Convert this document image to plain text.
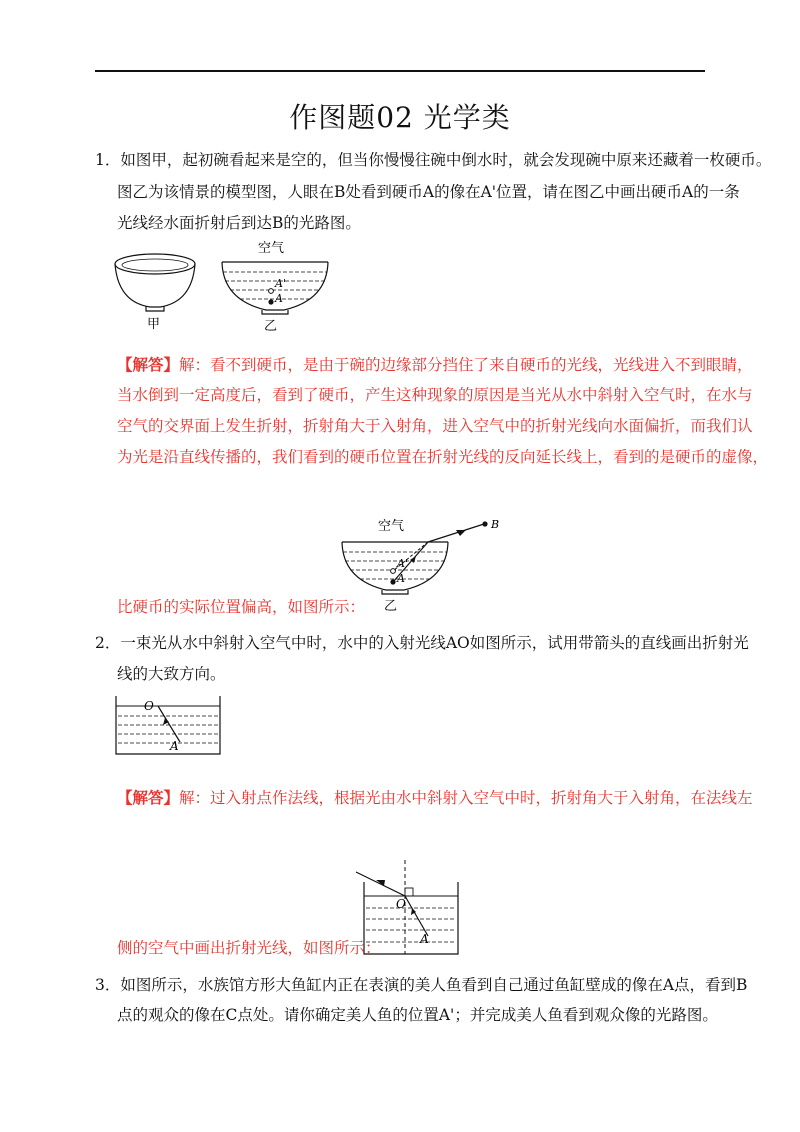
作图题02 光学类
1．如图甲，起初碗看起来是空的，但当你慢慢往碗中倒水时，就会发现碗中原来还藏着一枚硬币。
图乙为该情景的模型图，人眼在B处看到硬币A的像在A'位置，请在图乙中画出硬币A的一条
光线经水面折射后到达B的光路图。
甲
空气
A'
A
乙
【解答】解：看不到硬币，是由于碗的边缘部分挡住了来自硬币的光线，光线进入不到眼睛，
当水倒到一定高度后，看到了硬币，产生这种现象的原因是当光从水中斜射入空气时，在水与
空气的交界面上发生折射，折射角大于入射角，进入空气中的折射光线向水面偏折，而我们认
为光是沿直线传播的，我们看到的硬币位置在折射光线的反向延长线上，看到的是硬币的虚像，
空气	B
A'
A
乙
比硬币的实际位置偏高，如图所示：
2．一束光从水中斜射入空气中时，水中的入射光线AO如图所示，试用带箭头的直线画出折射光
线的大致方向。
O
A
【解答】解：过入射点作法线，根据光由水中斜射入空气中时，折射角大于入射角，在法线左
O
A
侧的空气中画出折射光线，如图所示：
3．如图所示，水族馆方形大鱼缸内正在表演的美人鱼看到自己通过鱼缸壁成的像在A点，看到B
点的观众的像在C点处。请你确定美人鱼的位置A'；并完成美人鱼看到观众像的光路图。
